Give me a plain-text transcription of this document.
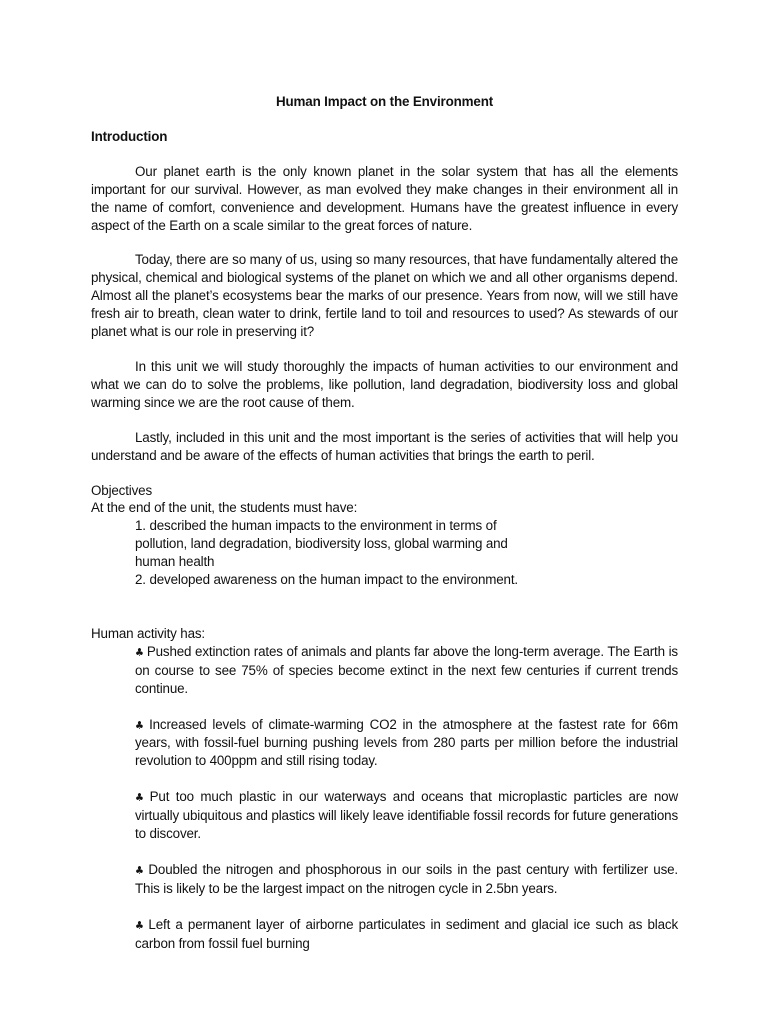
Human Impact on the Environment
Introduction

Our planet earth is the only known planet in the solar system that has all the elements important for our survival. However, as man evolved they make changes in their environment all in the name of comfort, convenience and development. Humans have the greatest influence in every aspect of the Earth on a scale similar to the great forces of nature.

Today, there are so many of us, using so many resources, that have fundamentally altered the physical, chemical and biological systems of the planet on which we and all other organisms depend. Almost all the planet’s ecosystems bear the marks of our presence. Years from now, will we still have fresh air to breath, clean water to drink, fertile land to toil and resources to used? As stewards of our planet what is our role in preserving it?

In this unit we will study thoroughly the impacts of human activities to our environment and what we can do to solve the problems, like pollution, land degradation, biodiversity loss and global warming since we are the root cause of them.

Lastly, included in this unit and the most important is the series of activities that will help you understand and be aware of the effects of human activities that brings the earth to peril.

Objectives

At the end of the unit, the students must have:

1. described the human impacts to the environment in terms of pollution, land degradation, biodiversity loss, global warming and human health
2. developed awareness on the human impact to the environment.

Human activity has:

♣ Pushed extinction rates of animals and plants far above the long-term average. The Earth is on course to see 75% of species become extinct in the next few centuries if current trends continue.
♣ Increased levels of climate-warming CO2 in the atmosphere at the fastest rate for 66m years, with fossil-fuel burning pushing levels from 280 parts per million before the industrial revolution to 400ppm and still rising today.
♣ Put too much plastic in our waterways and oceans that microplastic particles are now virtually ubiquitous and plastics will likely leave identifiable fossil records for future generations to discover.
♣ Doubled the nitrogen and phosphorous in our soils in the past century with fertilizer use. This is likely to be the largest impact on the nitrogen cycle in 2.5bn years.
♣ Left a permanent layer of airborne particulates in sediment and glacial ice such as black carbon from fossil fuel burning
